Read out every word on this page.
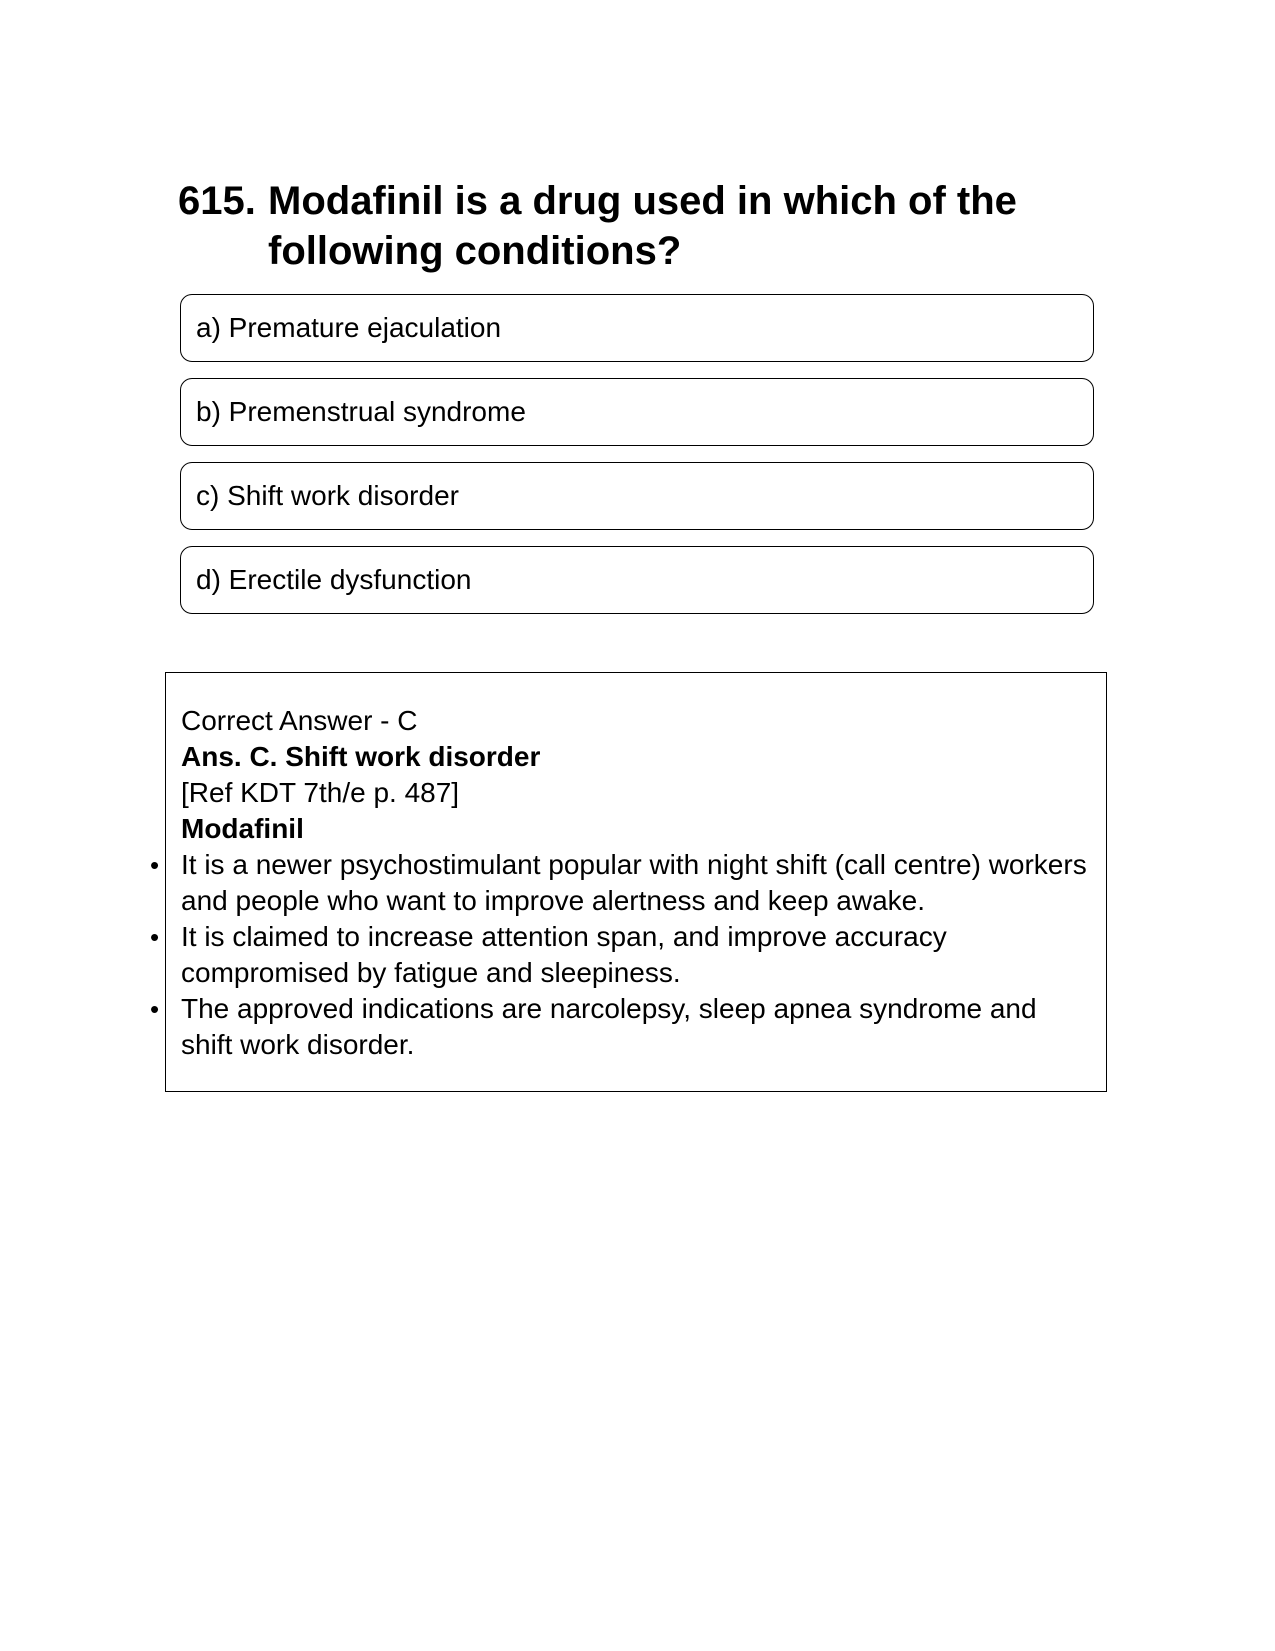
615. Modafinil is a drug used in which of the following conditions?
a) Premature ejaculation
b) Premenstrual syndrome
c) Shift work disorder
d) Erectile dysfunction
Correct Answer - C
Ans. C. Shift work disorder
[Ref KDT 7th/e p. 487]
Modafinil
• It is a newer psychostimulant popular with night shift (call centre) workers and people who want to improve alertness and keep awake.
• It is claimed to increase attention span, and improve accuracy compromised by fatigue and sleepiness.
• The approved indications are narcolepsy, sleep apnea syndrome and shift work disorder.
